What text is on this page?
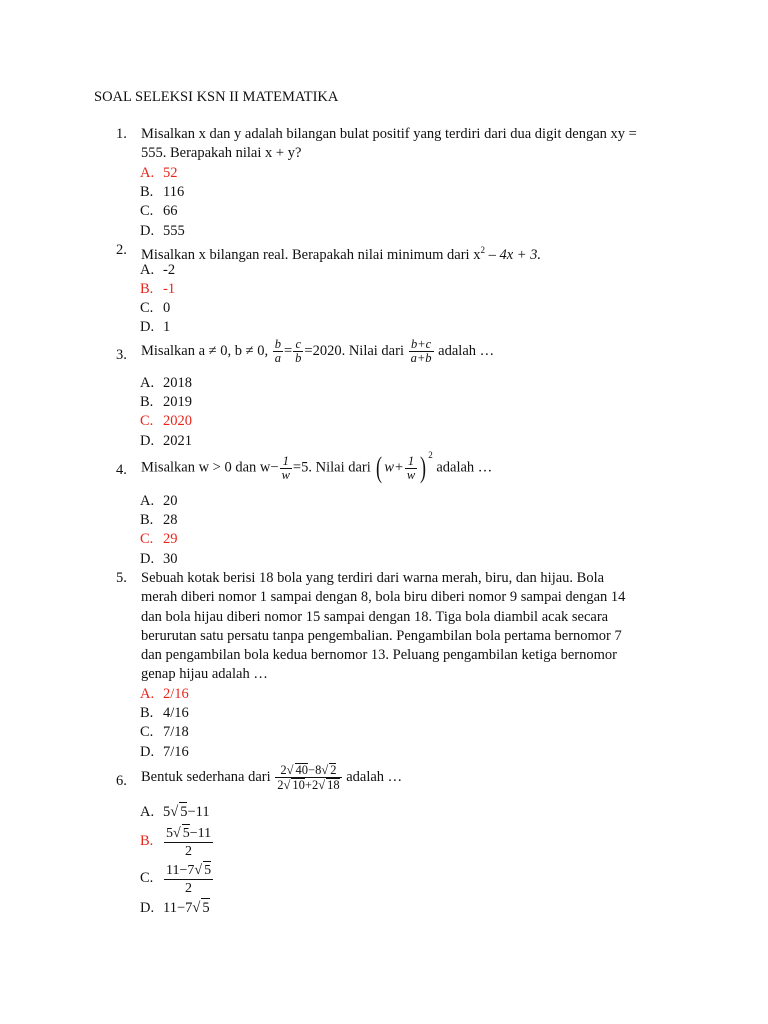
SOAL SELEKSI KSN II MATEMATIKA
1. Misalkan x dan y adalah bilangan bulat positif yang terdiri dari dua digit dengan xy =
555. Berapakah nilai x + y?
A. 52
B. 116
C. 66
D. 555
2. Misalkan x bilangan real. Berapakah nilai minimum dari $x^2 - 4x + 3$.
A. -2
B. -1
C. 0
D. 1
3. Misalkan a ≠ 0, b ≠ 0, $\frac{b}{a} = \frac{c}{b} =2020$. Nilai dari $\frac{b+c}{a+b}$ adalah …
A. 2018
B. 2019
C. 2020
D. 2021
4. Misalkan w > 0 dan $w- \frac{1}{w} =5$. Nilai dari ( $w+ \frac{1}{w}$ ) $^2$ adalah …
A. 20
B. 28
C. 29
D. 30
5. Sebuah kotak berisi 18 bola yang terdiri dari warna merah, biru, dan hijau. Bola
merah diberi nomor 1 sampai dengan 8, bola biru diberi nomor 9 sampai dengan 14
dan bola hijau diberi nomor 15 sampai dengan 18. Tiga bola diambil acak secara
berurutan satu persatu tanpa pengembalian. Pengambilan bola pertama bernomor 7
dan pengambilan bola kedua bernomor 13. Peluang pengambilan ketiga bernomor
genap hijau adalah …
A. 2/16
B. 4/16
C. 7/18
D. 7/16
6. Bentuk sederhana dari $\frac{2√ 40-8√ 2}{2√ 10+2√ 18}$ adalah …
A. 5√ 5−11
B. $\frac{5√ 5-11}{2}$
C. $\frac{11-7√ 5}{2}$
D. 11−7√ 5
